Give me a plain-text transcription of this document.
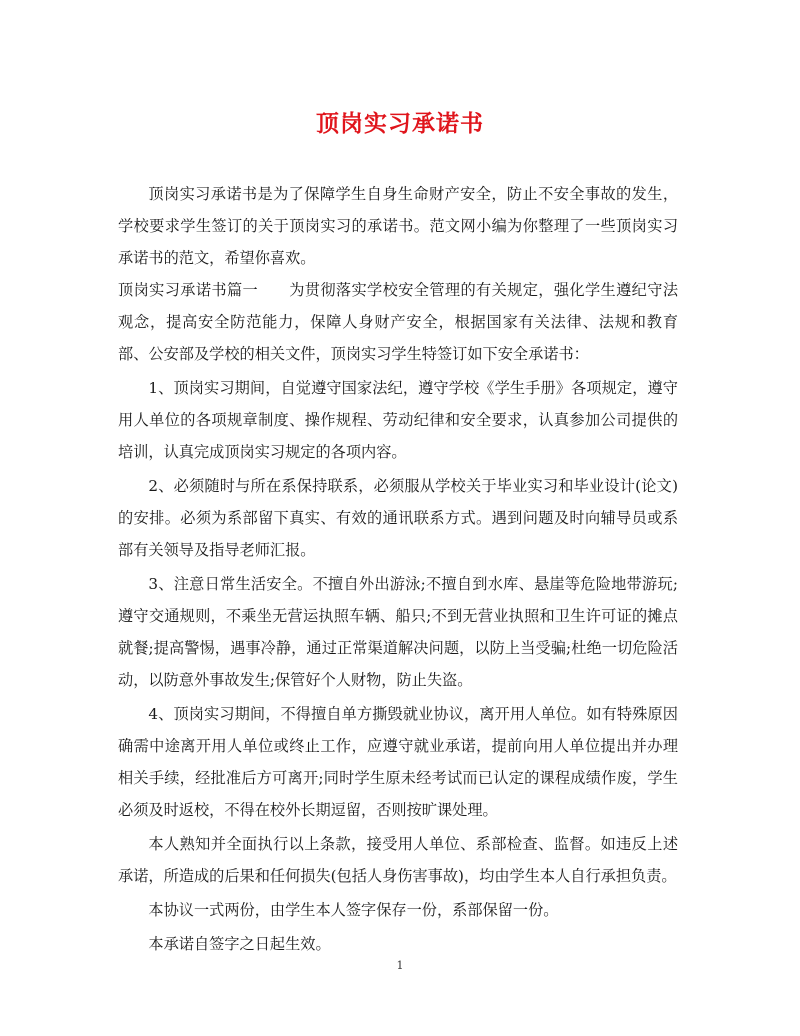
顶岗实习承诺书

顶岗实习承诺书是为了保障学生自身生命财产安全，防止不安全事故的发生，学校要求学生签订的关于顶岗实习的承诺书。范文网小编为你整理了一些顶岗实习承诺书的范文，希望你喜欢。

顶岗实习承诺书篇一　　为贯彻落实学校安全管理的有关规定，强化学生遵纪守法观念，提高安全防范能力，保障人身财产安全，根据国家有关法律、法规和教育部、公安部及学校的相关文件，顶岗实习学生特签订如下安全承诺书：

1、顶岗实习期间，自觉遵守国家法纪，遵守学校《学生手册》各项规定，遵守用人单位的各项规章制度、操作规程、劳动纪律和安全要求，认真参加公司提供的培训，认真完成顶岗实习规定的各项内容。

2、必须随时与所在系保持联系，必须服从学校关于毕业实习和毕业设计(论文)的安排。必须为系部留下真实、有效的通讯联系方式。遇到问题及时向辅导员或系部有关领导及指导老师汇报。

3、注意日常生活安全。不擅自外出游泳;不擅自到水库、悬崖等危险地带游玩;遵守交通规则，不乘坐无营运执照车辆、船只;不到无营业执照和卫生许可证的摊点就餐;提高警惕，遇事冷静，通过正常渠道解决问题，以防上当受骗;杜绝一切危险活动，以防意外事故发生;保管好个人财物，防止失盗。

4、顶岗实习期间，不得擅自单方撕毁就业协议，离开用人单位。如有特殊原因确需中途离开用人单位或终止工作，应遵守就业承诺，提前向用人单位提出并办理相关手续，经批准后方可离开;同时学生原未经考试而已认定的课程成绩作废，学生必须及时返校，不得在校外长期逗留，否则按旷课处理。

本人熟知并全面执行以上条款，接受用人单位、系部检查、监督。如违反上述承诺，所造成的后果和任何损失(包括人身伤害事故)，均由学生本人自行承担负责。

本协议一式两份，由学生本人签字保存一份，系部保留一份。

本承诺自签字之日起生效。

1
